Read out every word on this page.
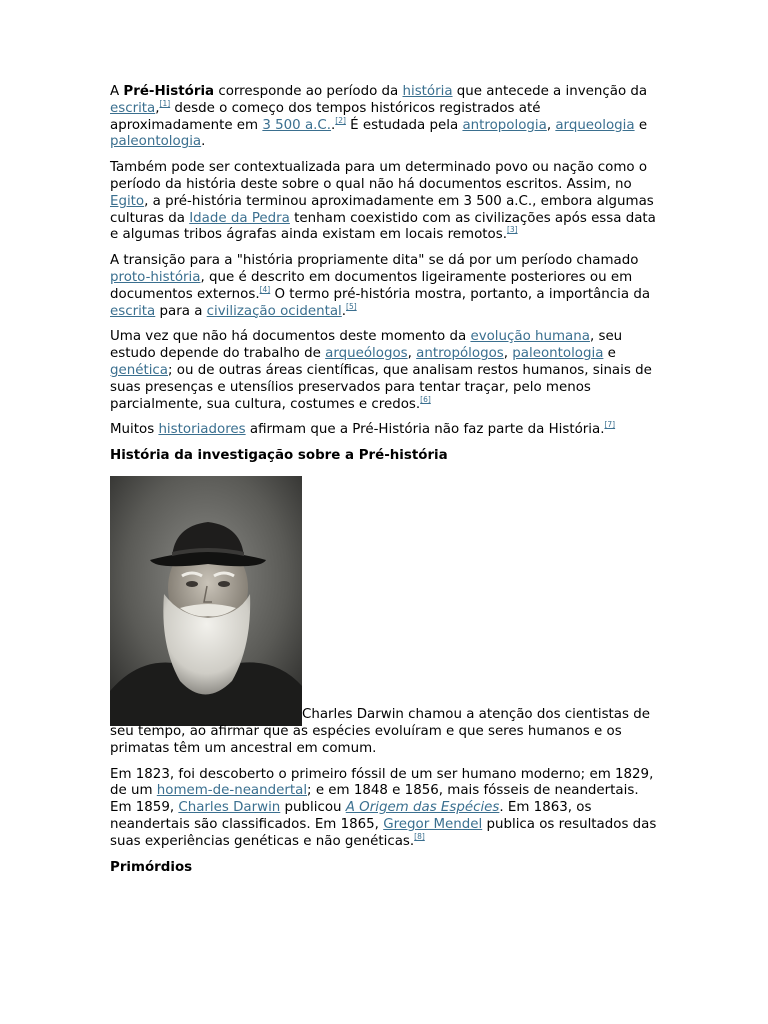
A Pré-História corresponde ao período da história que antecede a invenção da escrita,[1] desde o começo dos tempos históricos registrados até aproximadamente em 3 500 a.C..[2] É estudada pela antropologia, arqueologia e paleontologia.

Também pode ser contextualizada para um determinado povo ou nação como o período da história deste sobre o qual não há documentos escritos. Assim, no Egito, a pré-história terminou aproximadamente em 3 500 a.C., embora algumas culturas da Idade da Pedra tenham coexistido com as civilizações após essa data e algumas tribos ágrafas ainda existam em locais remotos.[3]

A transição para a "história propriamente dita" se dá por um período chamado proto-história, que é descrito em documentos ligeiramente posteriores ou em documentos externos.[4] O termo pré-história mostra, portanto, a importância da escrita para a civilização ocidental.[5]

Uma vez que não há documentos deste momento da evolução humana, seu estudo depende do trabalho de arqueólogos, antropólogos, paleontologia e genética; ou de outras áreas científicas, que analisam restos humanos, sinais de suas presenças e utensílios preservados para tentar traçar, pelo menos parcialmente, sua cultura, costumes e credos.[6]

Muitos historiadores afirmam que a Pré-História não faz parte da História.[7]

História da investigação sobre a Pré-história

Charles Darwin chamou a atenção dos cientistas de seu tempo, ao afirmar que as espécies evoluíram e que seres humanos e os primatas têm um ancestral em comum.

Em 1823, foi descoberto o primeiro fóssil de um ser humano moderno; em 1829, de um homem-de-neandertal; e em 1848 e 1856, mais fósseis de neandertais. Em 1859, Charles Darwin publicou A Origem das Espécies. Em 1863, os neandertais são classificados. Em 1865, Gregor Mendel publica os resultados das suas experiências genéticas e não genéticas.[8]

Primórdios
